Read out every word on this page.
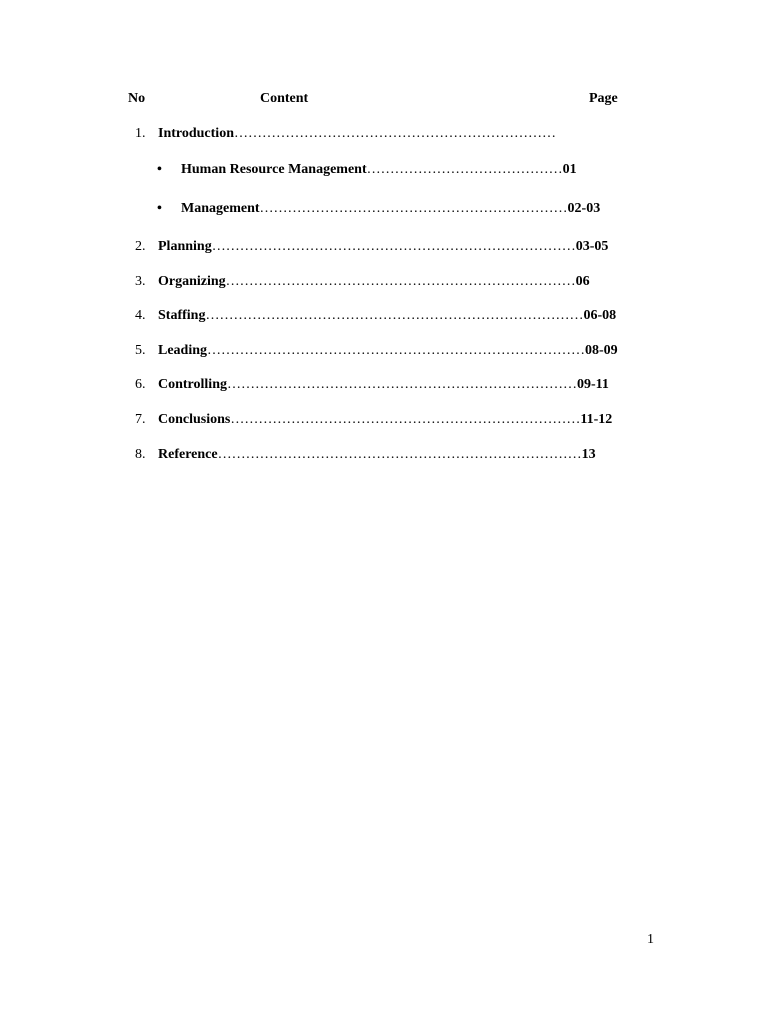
No	Content	Page
1. Introduction……………………………………………………………
• Human Resource Management……………………………………01
• Management…………………………………………………………02-03
2. Planning……………………………………………………………………03-05
3. Organizing…………………………………………………………………06
4. Staffing………………………………………………………………………06-08
5. Leading………………………………………………………………………08-09
6. Controlling…………………………………………………………………09-11
7. Conclusions…………………………………………………………………11-12
8. Reference……………………………………………………………………13
1
